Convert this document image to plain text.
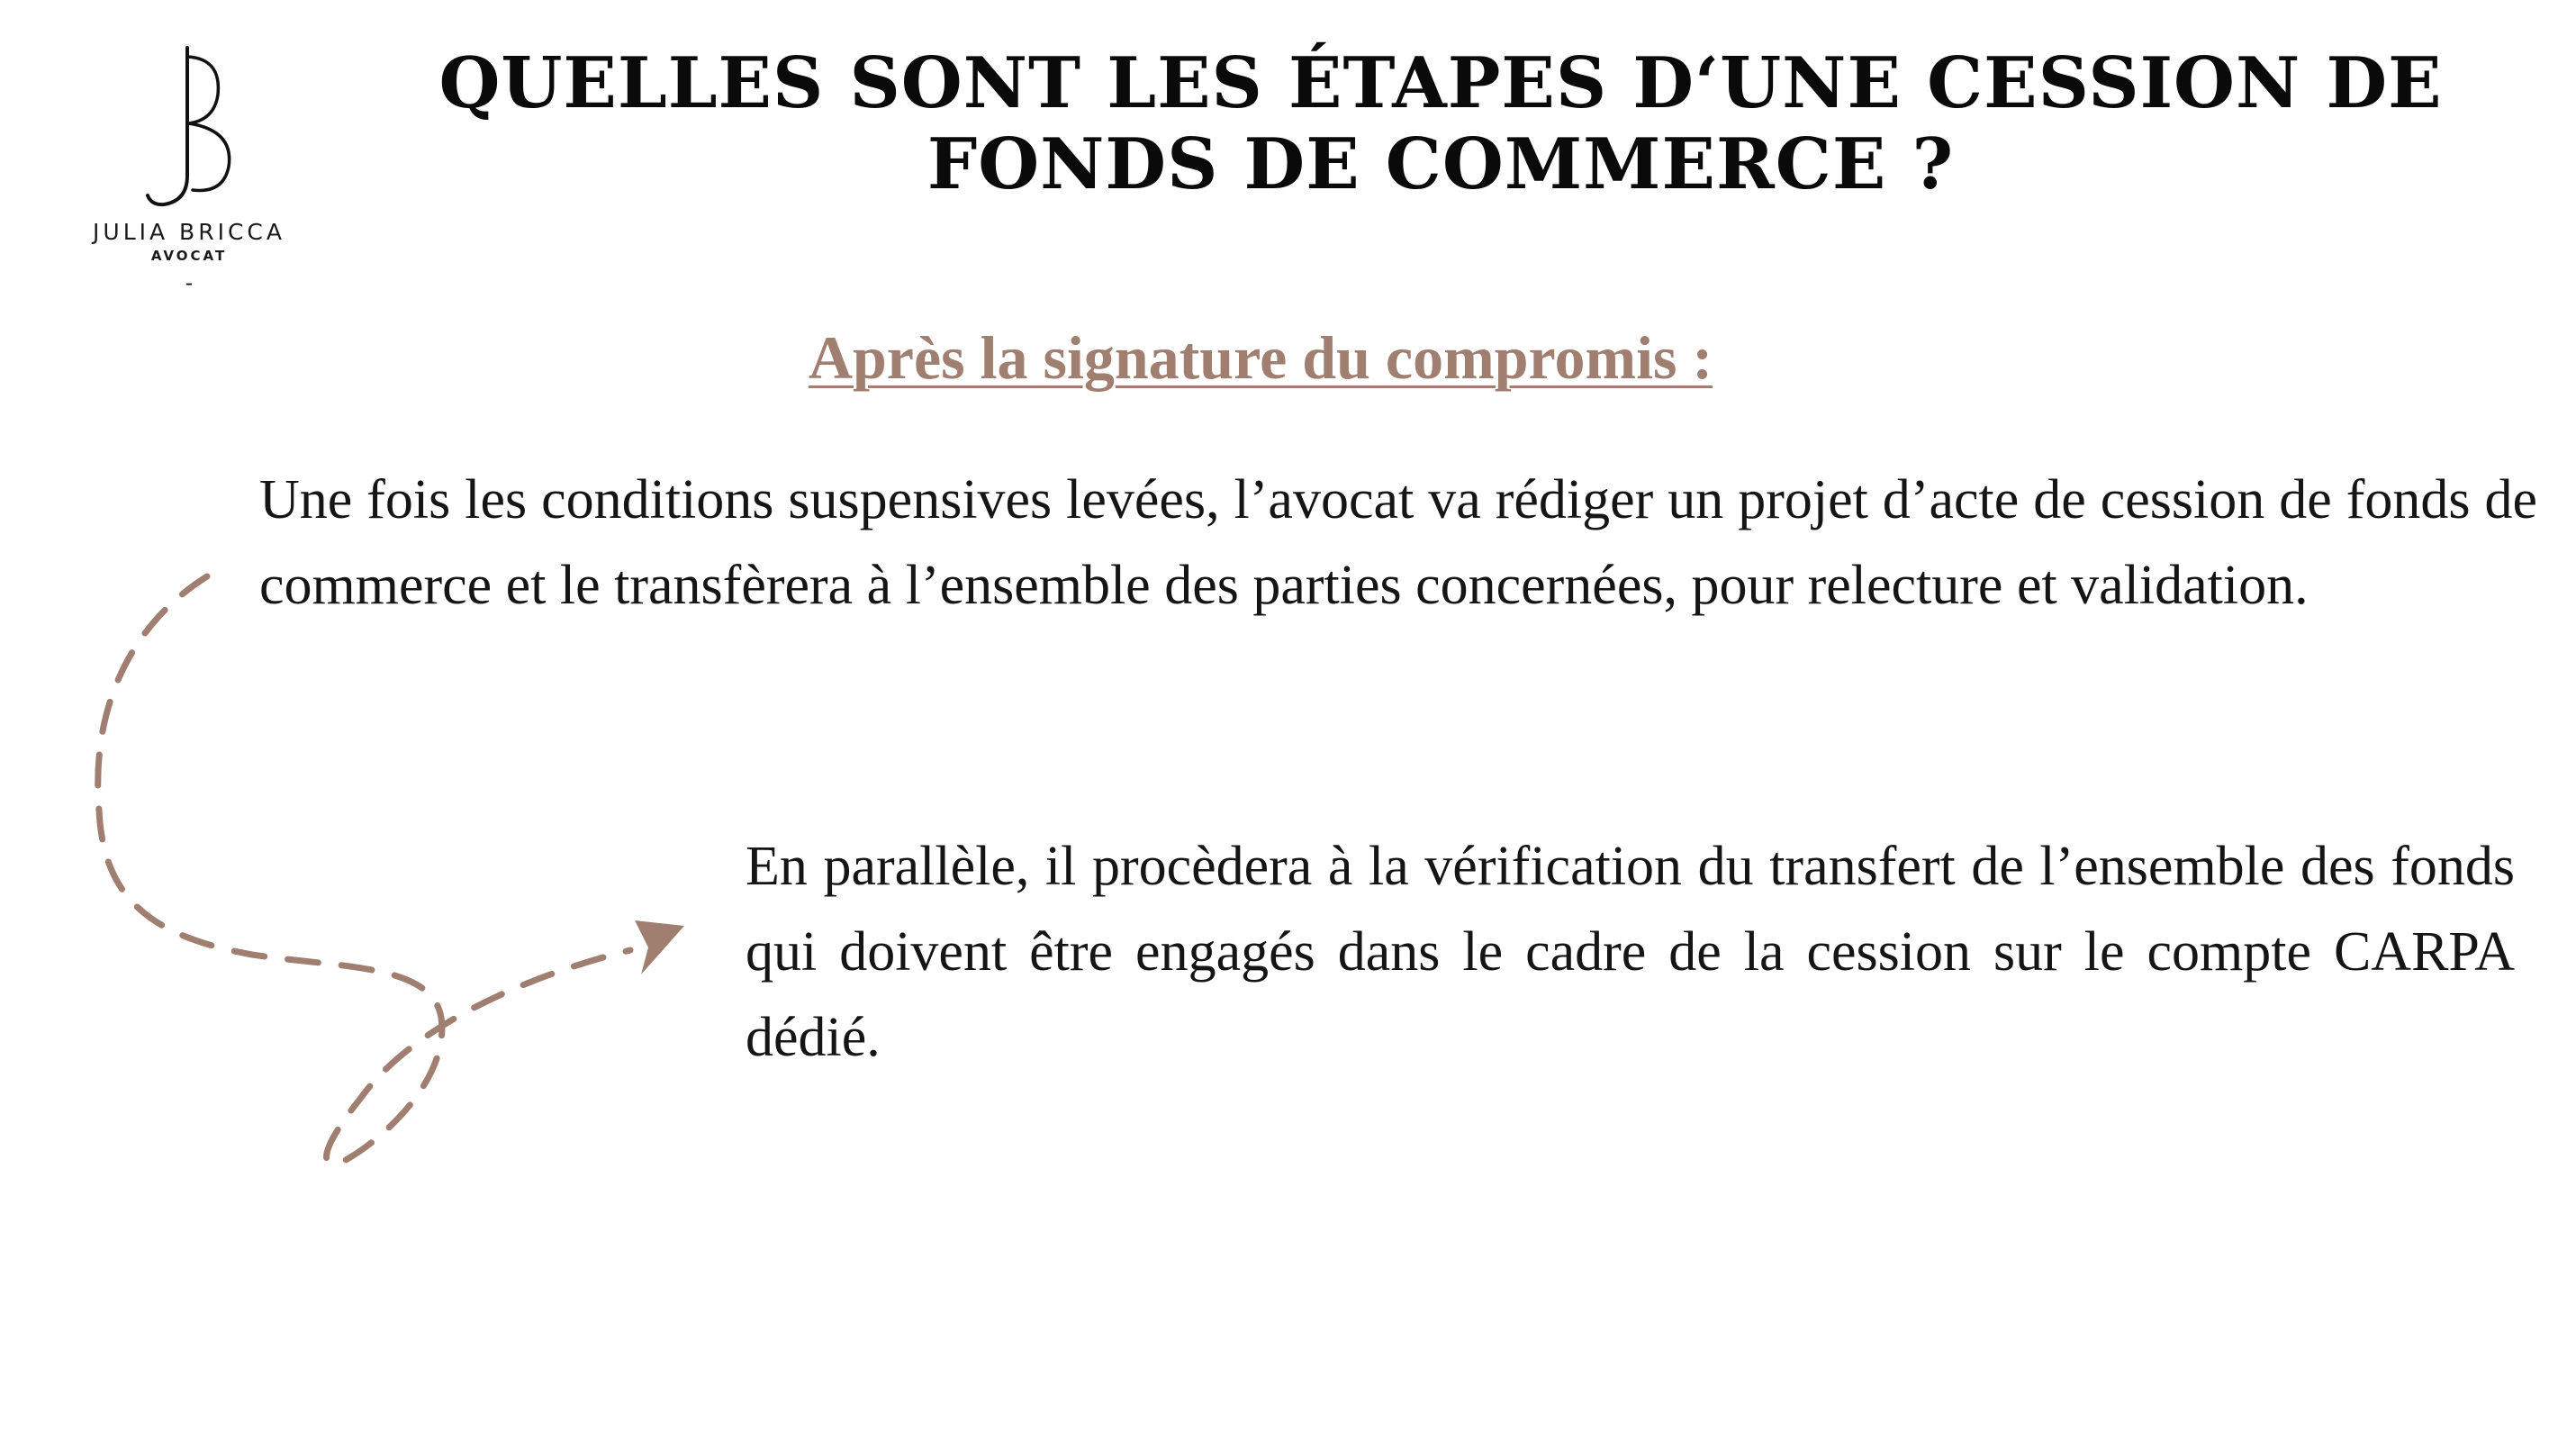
JULIA BRICCA
AVOCAT
-
QUELLES SONT LES ÉTAPES D‘UNE CESSION DE FONDS DE COMMERCE ?
Après la signature du compromis :
Une fois les conditions suspensives levées, l’avocat va rédiger un projet d’acte de cession de fonds de commerce et le transfèrera à l’ensemble des parties concernées, pour relecture et validation.
En parallèle, il procèdera à la vérification du transfert de l’ensemble des fonds qui doivent être engagés dans le cadre de la cession sur le compte CARPA dédié.
